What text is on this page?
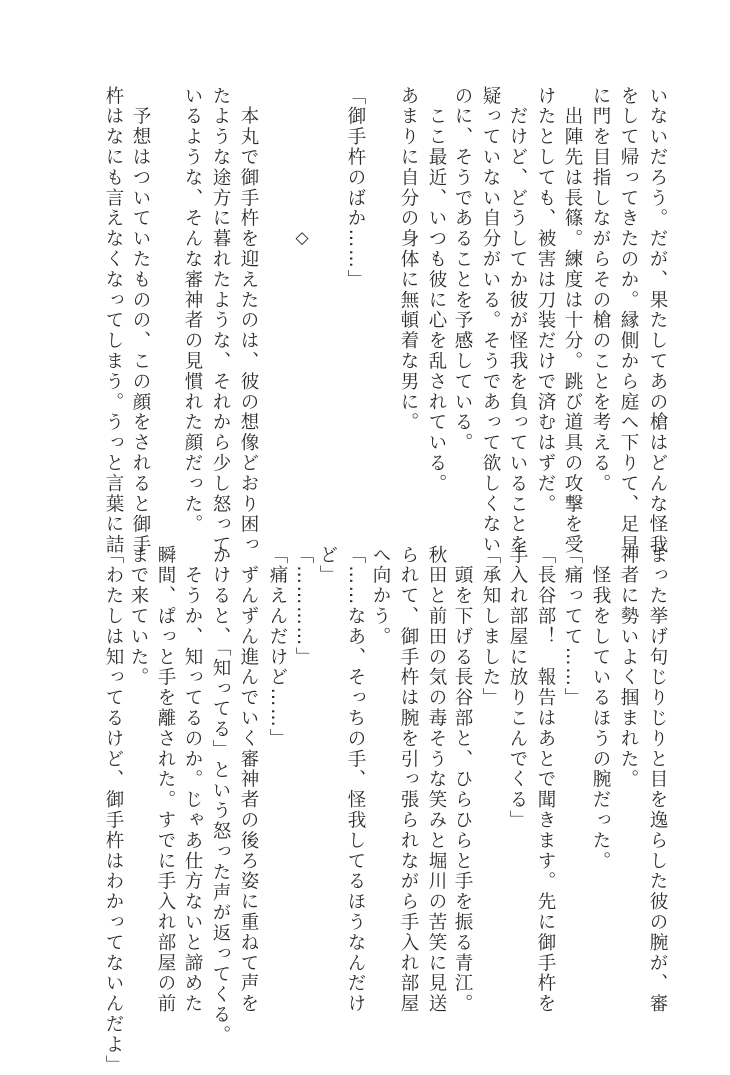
いないだろう。だが、果たしてあの槍はどんな怪我
をして帰ってきたのか。縁側から庭へ下りて、足早
に門を目指しながらその槍のことを考える。
　出陣先は長篠。練度は十分。跳び道具の攻撃を受
けたとしても、被害は刀装だけで済むはずだ。
　だけど、どうしてか彼が怪我を負っていることを
疑っていない自分がいる。そうであって欲しくない
のに、そうであることを予感している。
　ここ最近、いつも彼に心を乱されている。
あまりに自分の身体に無頓着な男に。
「御手杵のばか……」
◇
　本丸で御手杵を迎えたのは、彼の想像どおり困っ
たような途方に暮れたような、それから少し怒って
いるような、そんな審神者の見慣れた顔だった。
　予想はついていたものの、この顔をされると御手
杵はなにも言えなくなってしまう。うっと言葉に詰
まった挙げ句じりじりと目を逸らした彼の腕が、審
神者に勢いよく掴まれた。
　怪我をしているほうの腕だった。
「痛ってて……」
「長谷部！　報告はあとで聞きます。先に御手杵を
手入れ部屋に放りこんでくる」
「承知しました」
　頭を下げる長谷部と、ひらひらと手を振る青江。
秋田と前田の気の毒そうな笑みと堀川の苦笑に見送
られて、御手杵は腕を引っ張られながら手入れ部屋
へ向かう。
「……なあ、そっちの手、怪我してるほうなんだけ
ど」
「…………」
「痛えんだけど……」
　ずんずん進んでいく審神者の後ろ姿に重ねて声を
かけると、「知ってる」という怒った声が返ってくる。
　そうか、知ってるのか。じゃあ仕方ないと諦めた
瞬間、ぱっと手を離された。すでに手入れ部屋の前
まで来ていた。
「わたしは知ってるけど、御手杵はわかってないんだよ」
